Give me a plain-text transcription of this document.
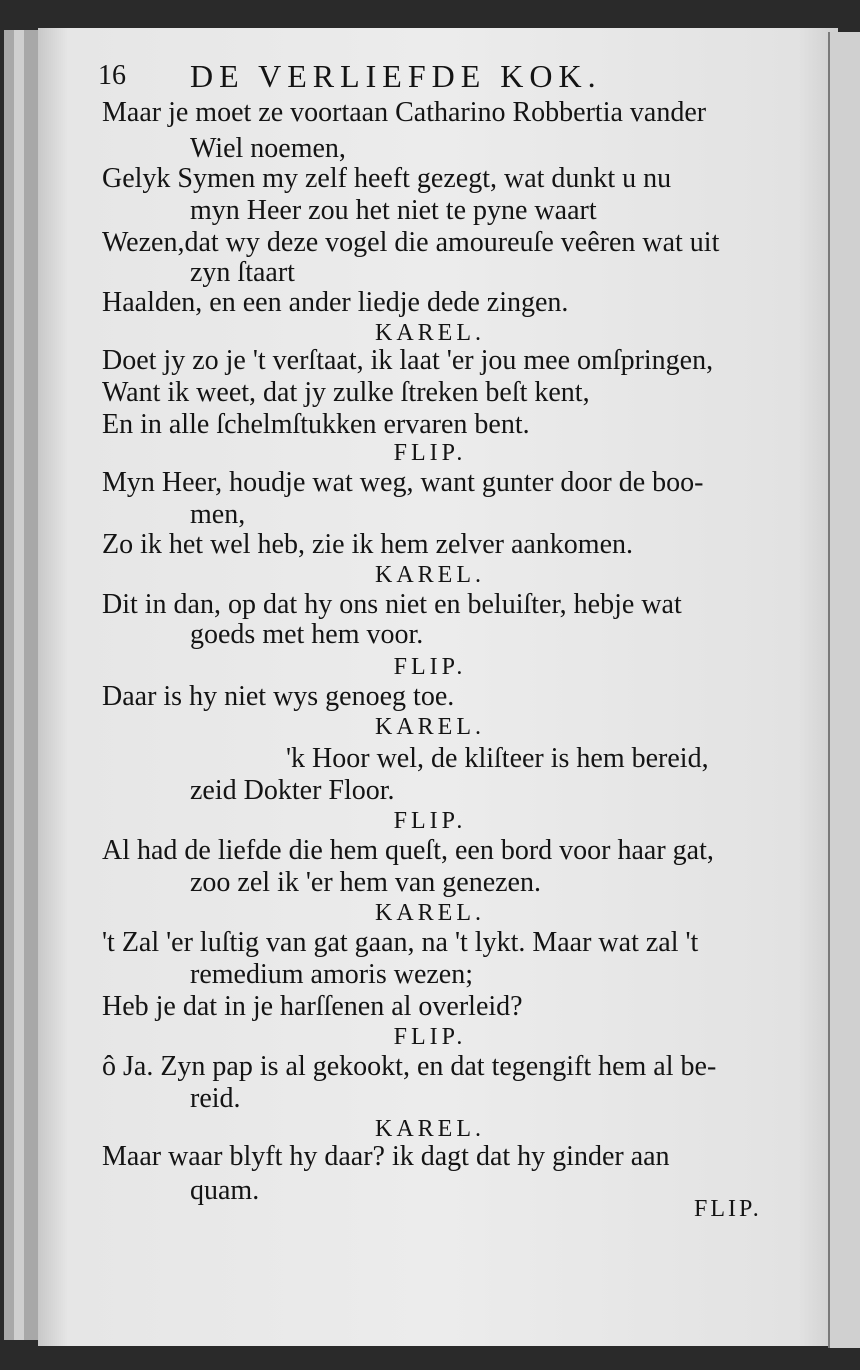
16 DE VERLIEFDE KOK.
Maar je moet ze voortaan Catharino Robbertia vander
Wiel noemen,
Gelyk Symen my zelf heeft gezegt, wat dunkt u nu
myn Heer zou het niet te pyne waart
Wezen,dat wy deze vogel die amoureuſe veêren wat uit
zyn ſtaart
Haalden, en een ander liedje dede zingen.
KAREL.
Doet jy zo je 't verſtaat, ik laat 'er jou mee omſpringen,
Want ik weet, dat jy zulke ſtreken beſt kent,
En in alle ſchelmſtukken ervaren bent.
FLIP.
Myn Heer, houdje wat weg, want gunter door de boo-
men,
Zo ik het wel heb, zie ik hem zelver aankomen.
KAREL.
Dit in dan, op dat hy ons niet en beluiſter, hebje wat
goeds met hem voor.
FLIP.
Daar is hy niet wys genoeg toe.
KAREL.
'k Hoor wel, de kliſteer is hem bereid,
zeid Dokter Floor.
FLIP.
Al had de liefde die hem queſt, een bord voor haar gat,
zoo zel ik 'er hem van genezen.
KAREL.
't Zal 'er luſtig van gat gaan, na 't lykt. Maar wat zal 't
remedium amoris wezen;
Heb je dat in je harſſenen al overleid?
FLIP.
ô Ja. Zyn pap is al gekookt, en dat tegengift hem al be-
reid.
KAREL.
Maar waar blyft hy daar? ik dagt dat hy ginder aan
quam.
FLIP.
